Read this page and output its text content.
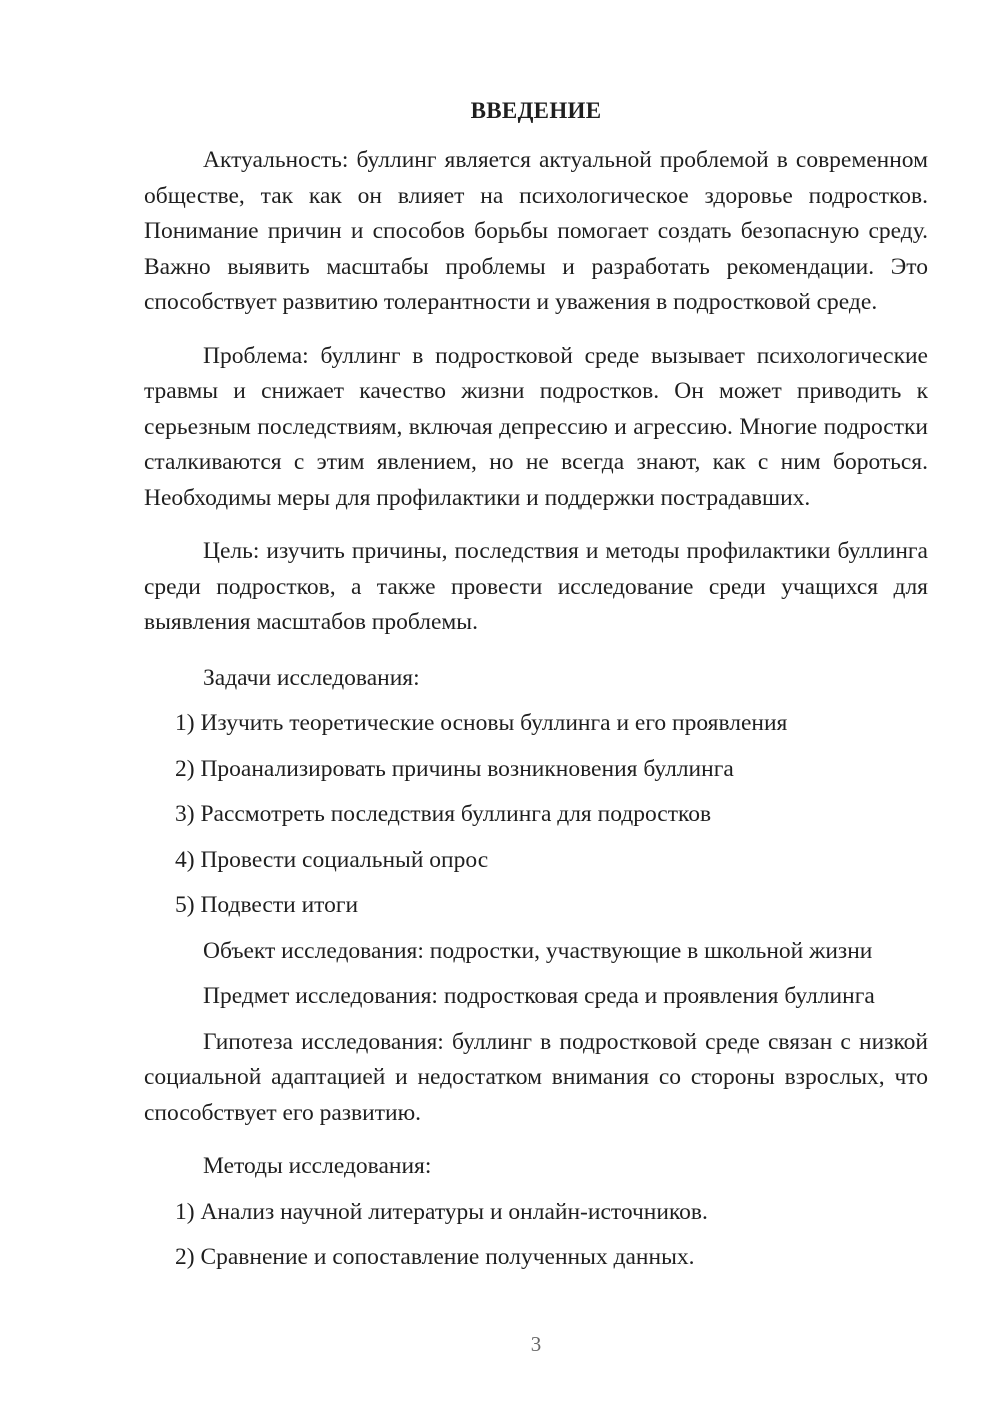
ВВЕДЕНИЕ

Актуальность: буллинг является актуальной проблемой в современном обществе, так как он влияет на психологическое здоровье подростков. Понимание причин и способов борьбы помогает создать безопасную среду. Важно выявить масштабы проблемы и разработать рекомендации. Это способствует развитию толерантности и уважения в подростковой среде.

Проблема: буллинг в подростковой среде вызывает психологические травмы и снижает качество жизни подростков. Он может приводить к серьезным последствиям, включая депрессию и агрессию. Многие подростки сталкиваются с этим явлением, но не всегда знают, как с ним бороться. Необходимы меры для профилактики и поддержки пострадавших.

Цель: изучить причины, последствия и методы профилактики буллинга среди подростков, а также провести исследование среди учащихся для выявления масштабов проблемы.

Задачи исследования:
1) Изучить теоретические основы буллинга и его проявления
2) Проанализировать причины возникновения буллинга
3) Рассмотреть последствия буллинга для подростков
4) Провести социальный опрос
5) Подвести итоги
Объект исследования: подростки, участвующие в школьной жизни
Предмет исследования: подростковая среда и проявления буллинга

Гипотеза исследования: буллинг в подростковой среде связан с низкой социальной адаптацией и недостатком внимания со стороны взрослых, что способствует его развитию.

Методы исследования:
1) Анализ научной литературы и онлайн-источников.
2) Сравнение и сопоставление полученных данных.
3
